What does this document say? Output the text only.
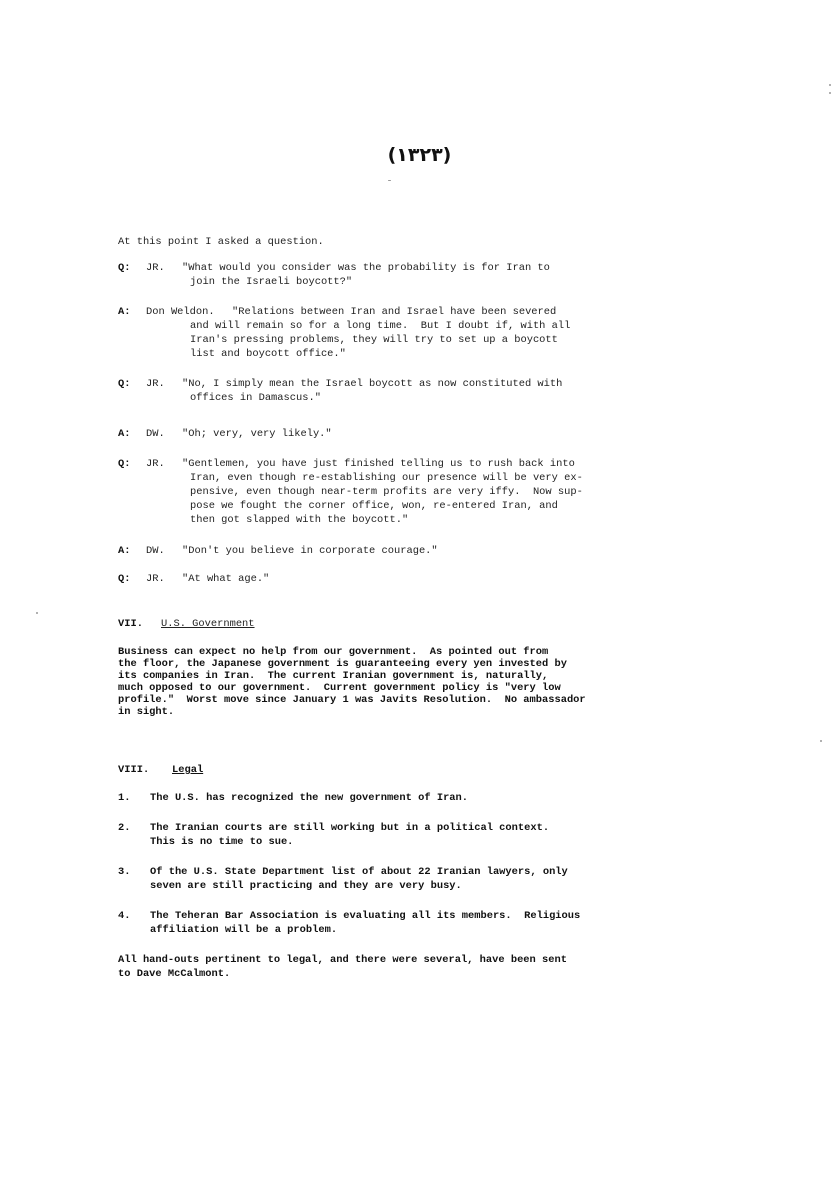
(۱۳۲۳)
At this point I asked a question.
Q: JR. "What would you consider was the probability is for Iran to
join the Israeli boycott?"
A: Don Weldon. "Relations between Iran and Israel have been severed
and will remain so for a long time.  But I doubt if, with all
Iran's pressing problems, they will try to set up a boycott
list and boycott office."
Q: JR. "No, I simply mean the Israel boycott as now constituted with
offices in Damascus."
A: DW. "Oh; very, very likely."
Q: JR. "Gentlemen, you have just finished telling us to rush back into
Iran, even though re-establishing our presence will be very ex-
pensive, even though near-term profits are very iffy.  Now sup-
pose we fought the corner office, won, re-entered Iran, and
then got slapped with the boycott."
A: DW. "Don't you believe in corporate courage."
Q: JR. "At what age."
VII. U.S. Government
Business can expect no help from our government.  As pointed out from
the floor, the Japanese government is guaranteeing every yen invested by
its companies in Iran.  The current Iranian government is, naturally,
much opposed to our government.  Current government policy is "very low
profile."  Worst move since January 1 was Javits Resolution.  No ambassador
in sight.
VIII. Legal
1. The U.S. has recognized the new government of Iran.
2. The Iranian courts are still working but in a political context.
This is no time to sue.
3. Of the U.S. State Department list of about 22 Iranian lawyers, only
seven are still practicing and they are very busy.
4. The Teheran Bar Association is evaluating all its members.  Religious
affiliation will be a problem.
All hand-outs pertinent to legal, and there were several, have been sent
to Dave McCalmont.
